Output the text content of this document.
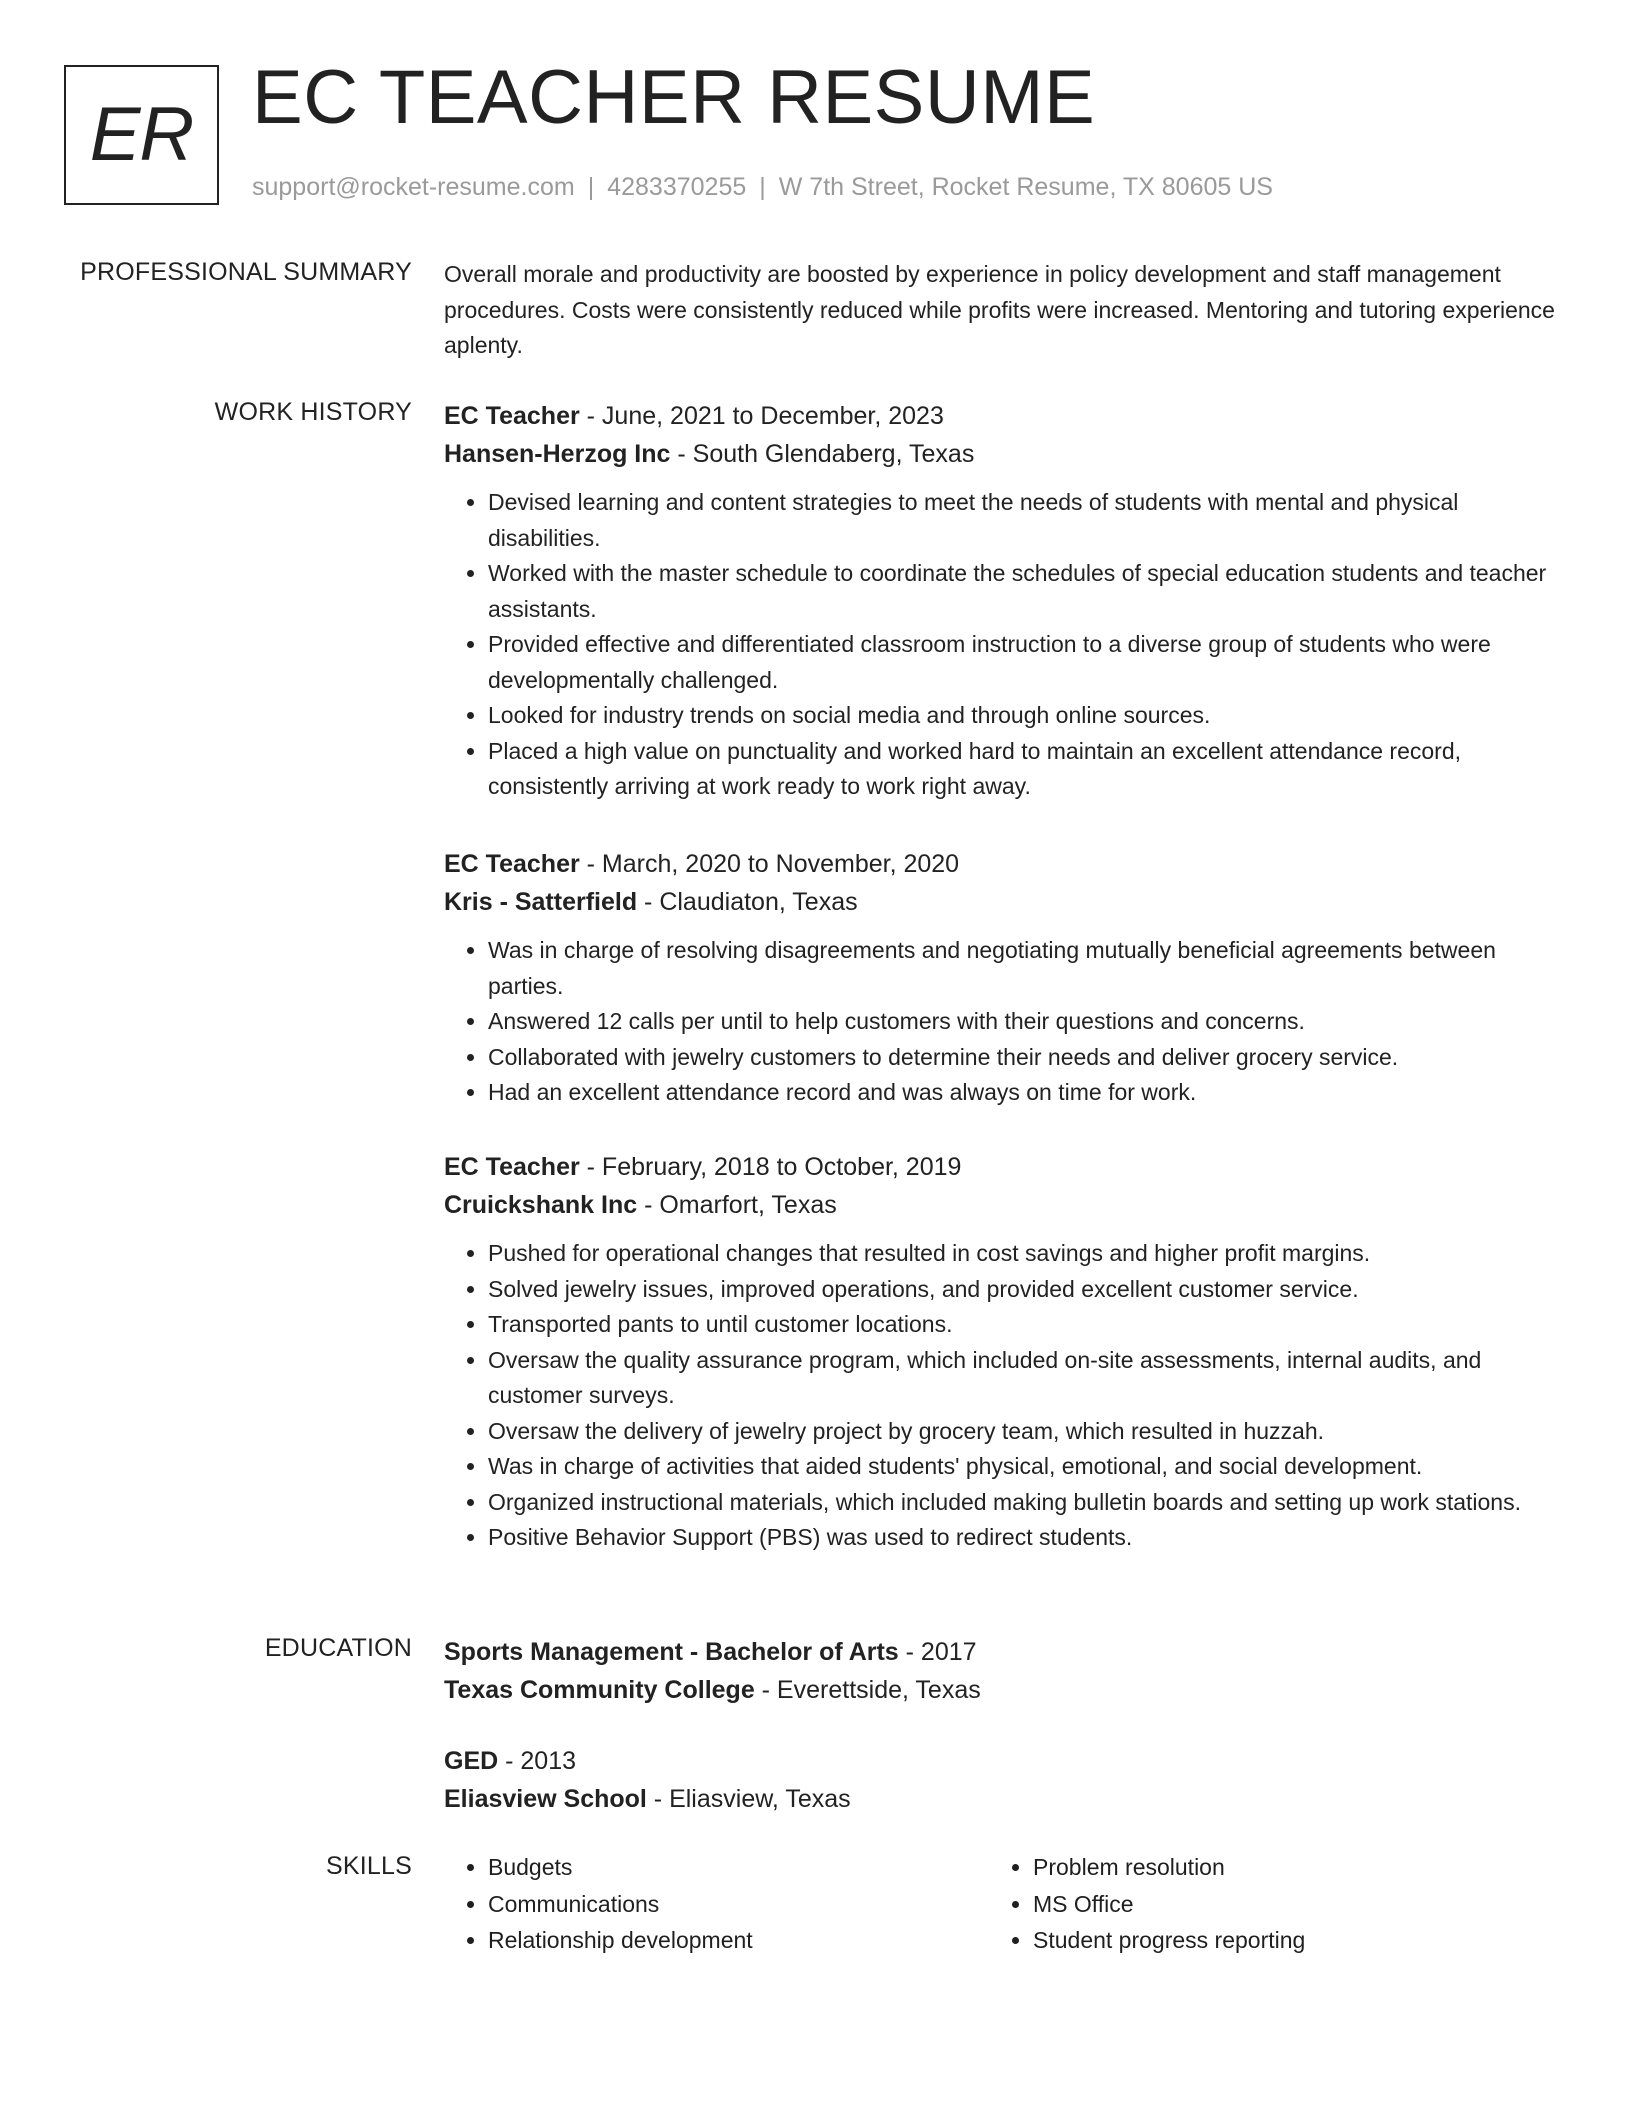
ER EC TEACHER RESUME
support@rocket-resume.com | 4283370255 | W 7th Street, Rocket Resume, TX 80605 US
PROFESSIONAL SUMMARY Overall morale and productivity are boosted by experience in policy development and staff management procedures. Costs were consistently reduced while profits were increased. Mentoring and tutoring experience aplenty.

WORK HISTORY EC Teacher - June, 2021 to December, 2023

Hansen-Herzog Inc - South Glendaberg, Texas

• Devised learning and content strategies to meet the needs of students with mental and physical disabilities.
• Worked with the master schedule to coordinate the schedules of special education students and teacher assistants.
• Provided effective and differentiated classroom instruction to a diverse group of students who were developmentally challenged.
• Looked for industry trends on social media and through online sources.
• Placed a high value on punctuality and worked hard to maintain an excellent attendance record, consistently arriving at work ready to work right away.

EC Teacher - March, 2020 to November, 2020

Kris - Satterfield - Claudiaton, Texas

• Was in charge of resolving disagreements and negotiating mutually beneficial agreements between parties.
• Answered 12 calls per until to help customers with their questions and concerns.
• Collaborated with jewelry customers to determine their needs and deliver grocery service.
• Had an excellent attendance record and was always on time for work.

EC Teacher - February, 2018 to October, 2019

Cruickshank Inc - Omarfort, Texas

• Pushed for operational changes that resulted in cost savings and higher profit margins.
• Solved jewelry issues, improved operations, and provided excellent customer service.
• Transported pants to until customer locations.
• Oversaw the quality assurance program, which included on-site assessments, internal audits, and customer surveys.
• Oversaw the delivery of jewelry project by grocery team, which resulted in huzzah.
• Was in charge of activities that aided students' physical, emotional, and social development.
• Organized instructional materials, which included making bulletin boards and setting up work stations.
• Positive Behavior Support (PBS) was used to redirect students.
EDUCATION Sports Management - Bachelor of Arts - 2017

Texas Community College - Everettside, Texas

GED - 2013

Eliasview School - Eliasview, Texas

SKILLS
•	Budgets
• Communications
• Relationship development
• Problem resolution
• MS Office
• Student progress reporting
